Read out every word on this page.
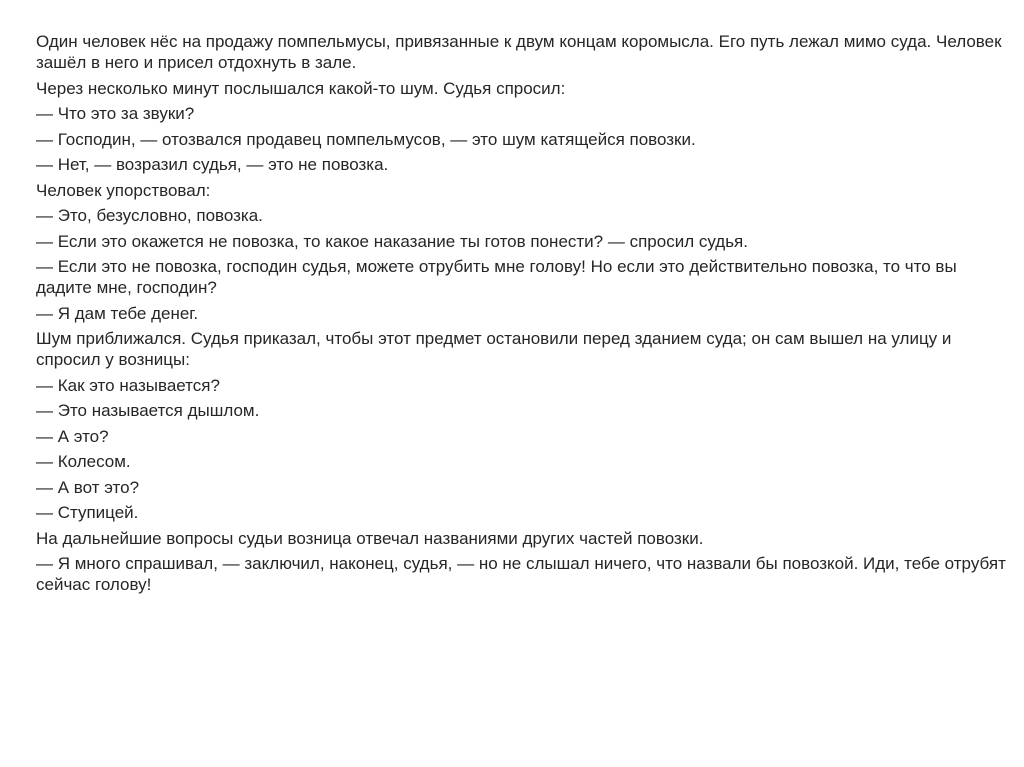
Один человек нёс на продажу помпельмусы, привязанные к двум концам коромысла. Его путь лежал мимо суда. Человек зашёл в него и присел отдохнуть в зале.

Через несколько минут послышался какой-то шум. Судья спросил:

— Что это за звуки?

— Господин, — отозвался продавец помпельмусов, — это шум катящейся повозки.

— Нет, — возразил судья, — это не повозка.

Человек упорствовал:

— Это, безусловно, повозка.

— Если это окажется не повозка, то какое наказание ты готов понести? — спросил судья.

— Если это не повозка, господин судья, можете отрубить мне голову! Но если это действительно повозка, то что вы дадите мне, господин?

— Я дам тебе денег.

Шум приближался. Судья приказал, чтобы этот предмет остановили перед зданием суда; он сам вышел на улицу и спросил у возницы:

— Как это называется?

— Это называется дышлом.

— А это?

— Колесом.

— А вот это?

— Ступицей.

На дальнейшие вопросы судьи возница отвечал названиями других частей повозки.

— Я много спрашивал, — заключил, наконец, судья, — но не слышал ничего, что назвали бы повозкой. Иди, тебе отрубят сейчас голову!
